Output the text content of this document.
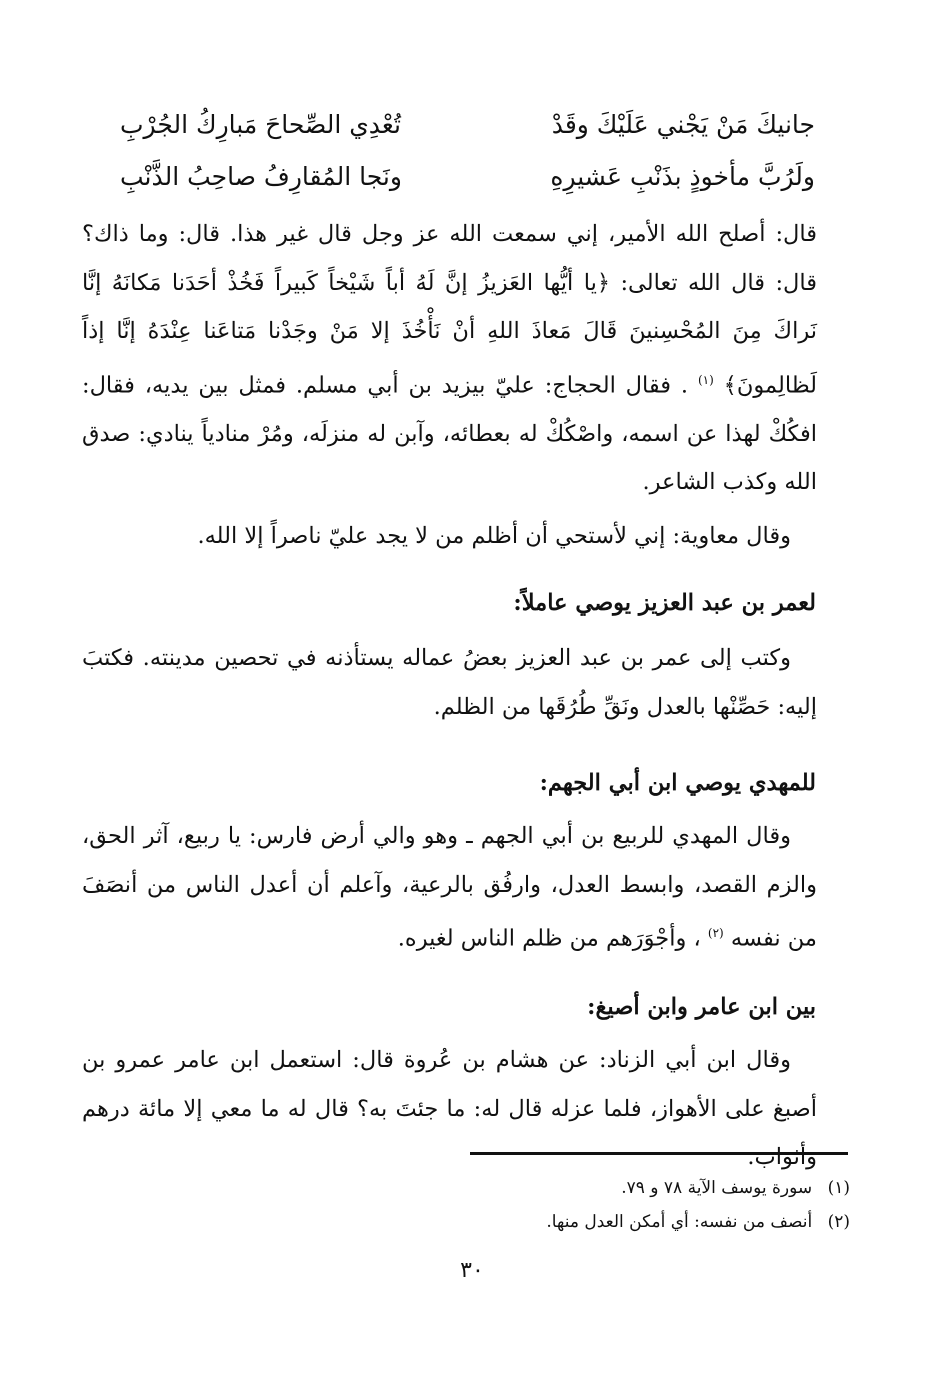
جانيكَ مَنْ يَجْني عَلَيْكَ وقَدْ
تُعْدِي الصِّحاحَ مَبارِكُ الجُرْبِ
ولَرُبَّ مأخوذٍ بذَنْبِ عَشيرِهِ
ونَجا المُقارِفُ صاحِبُ الذَّنْبِ

قال: أصلح الله الأمير، إني سمعت الله عز وجل قال غير هذا. قال: وما ذاك؟ قال: قال الله تعالى: ﴿يا أيُّها العَزيزُ إنَّ لَهُ أباً شَيْخاً كَبيراً فَخُذْ أحَدَنا مَكانَهُ إنَّا نَراكَ مِنَ المُحْسِنينَ قَالَ مَعاذَ اللهِ أنْ نَأْخُذَ إلا مَنْ وجَدْنا مَتاعَنا عِنْدَهُ إنَّا إذاً لَظالِمونَ﴾ $^{(١)}$ . فقال الحجاج: عليّ بيزيد بن أبي مسلم. فمثل بين يديه، فقال: افكُكْ لهذا عن اسمه، واصْكُكْ له بعطائه، وآبن له منزلَه، ومُرْ منادياً ينادي: صدق الله وكذب الشاعر.

وقال معاوية: إني لأستحي أن أظلم من لا يجد عليّ ناصراً إلا الله.

لعمر بن عبد العزيز يوصي عاملاً:

وكتب إلى عمر بن عبد العزيز بعضُ عماله يستأذنه في تحصين مدينته. فكتبَ إليه: حَصِّنْها بالعدل ونَقِّ طُرُقَها من الظلم.

للمهدي يوصي ابن أبي الجهم:

وقال المهدي للربيع بن أبي الجهم ـ وهو والي أرض فارس: يا ربيع، آثر الحق، والزم القصد، وابسط العدل، وارفُق بالرعية، وآعلم أن أعدل الناس من أنصَفَ من نفسه $^{(٢)}$ ، وأجْوَرَهم من ظلم الناس لغيره.

بين ابن عامر وابن أصيغ:

وقال ابن أبي الزناد: عن هشام بن عُروة قال: استعمل ابن عامر عمرو بن أصبغ على الأهواز، فلما عزله قال له: ما جئتَ به؟ قال له ما معي إلا مائة درهم وأثواب.

(١) سورة يوسف الآية ٧٨ و ٧٩.
(٢) أنصف من نفسه: أي أمكن العدل منها.
٣٠
